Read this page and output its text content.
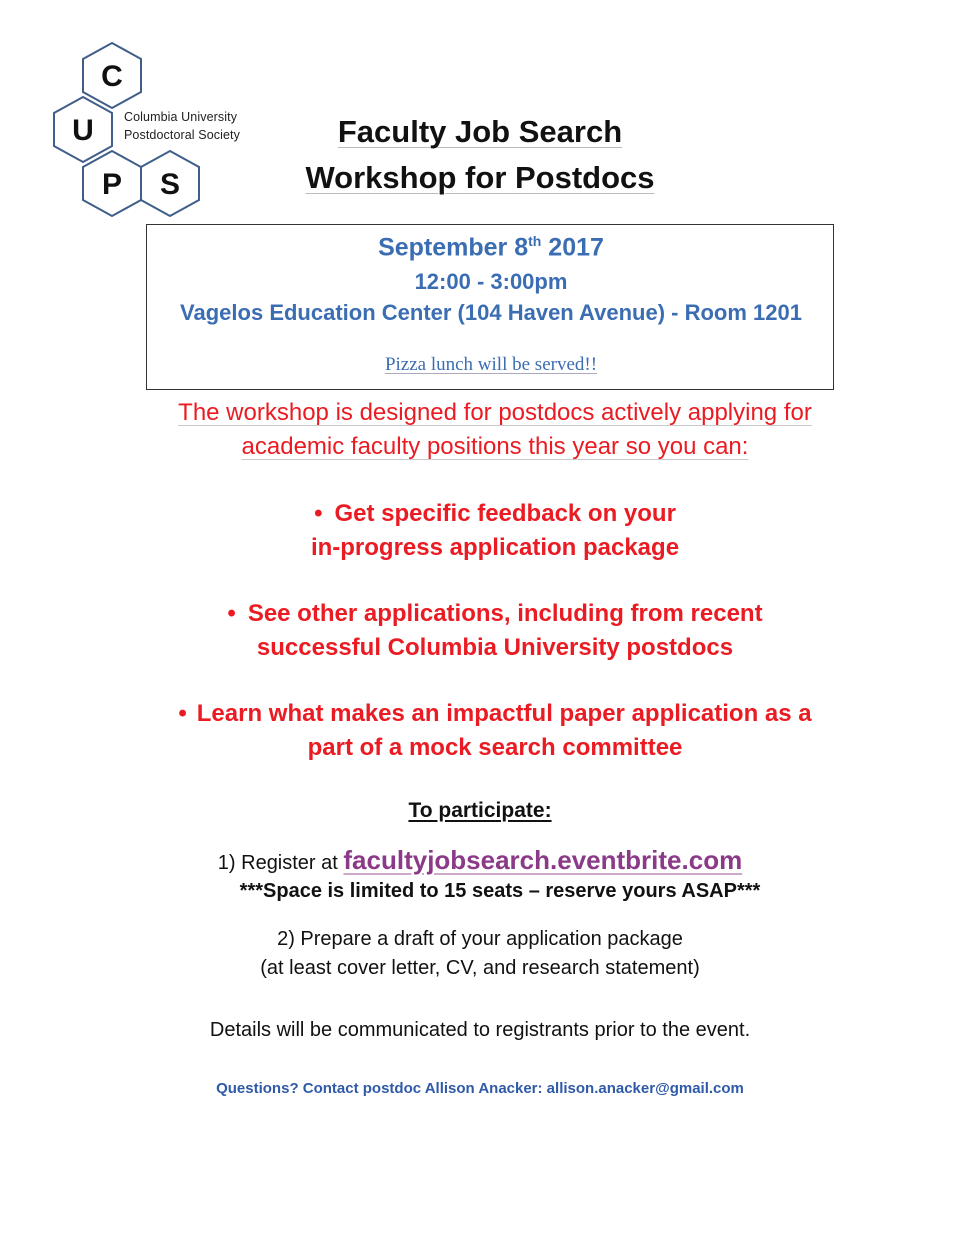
C
U
P S
Columbia University
Postdoctoral Society	Faculty Job Search
Workshop for Postdocs
September 8th 2017
12:00 - 3:00pm
Vagelos Education Center (104 Haven Avenue) - Room 1201
Pizza lunch will be served!!
The workshop is designed for postdocs actively applying for
academic faculty positions this year so you can:
• Get specific feedback on your
in-progress application package
• See other applications, including from recent
successful Columbia University postdocs
• Learn what makes an impactful paper application as a
part of a mock search committee
To participate:
1) Register at facultyjobsearch.eventbrite.com
***Space is limited to 15 seats – reserve yours ASAP***
2) Prepare a draft of your application package
(at least cover letter, CV, and research statement)
Details will be communicated to registrants prior to the event.
Questions? Contact postdoc Allison Anacker: allison.anacker@gmail.com
